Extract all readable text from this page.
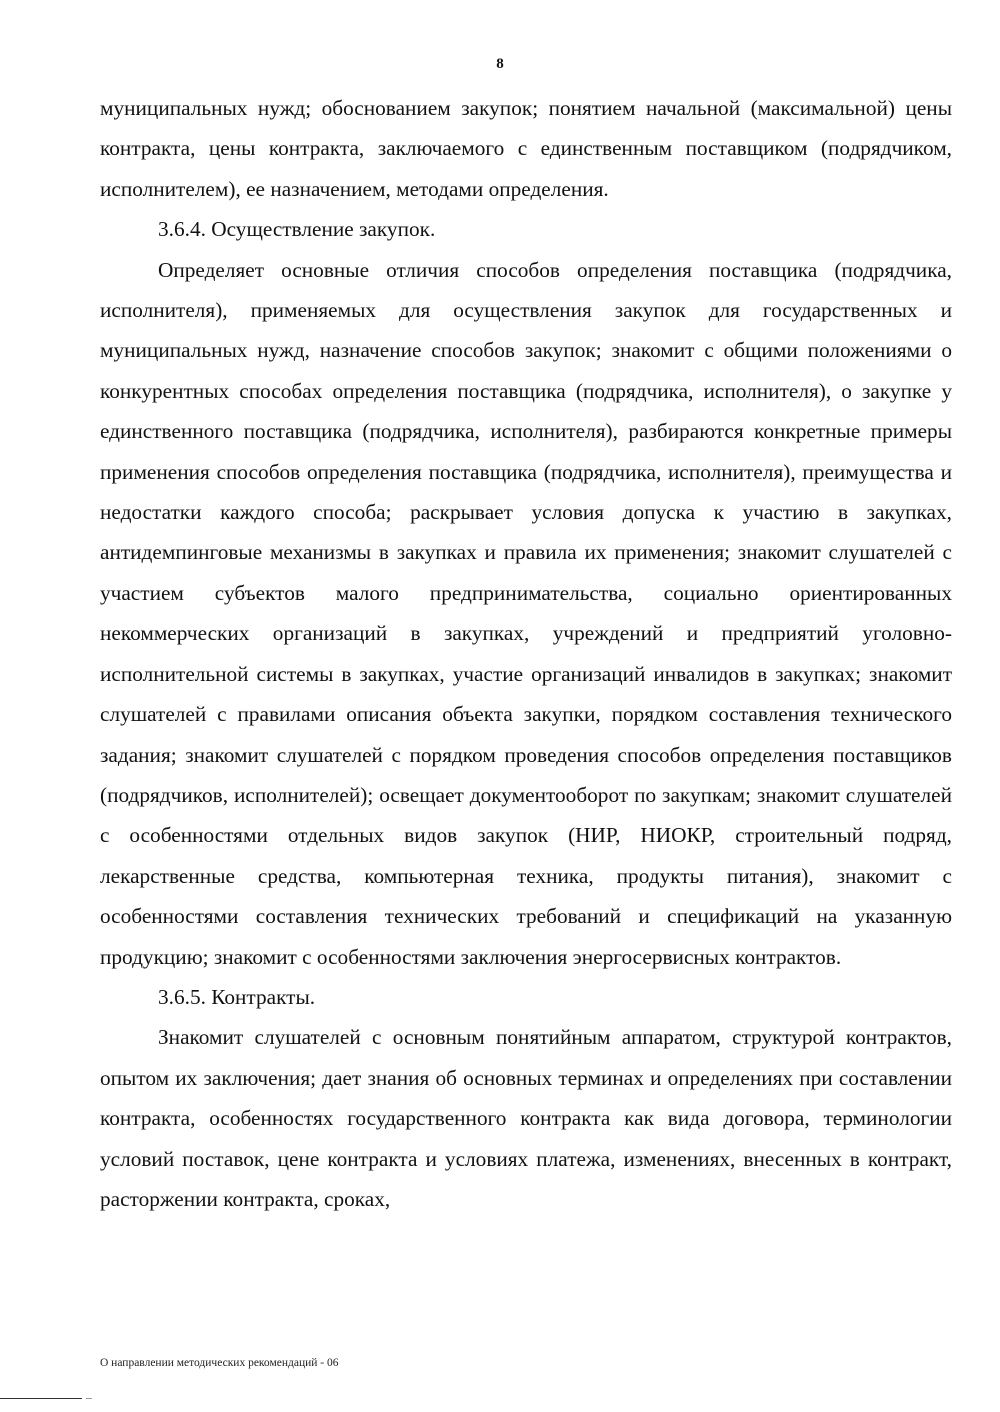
8

муниципальных нужд; обоснованием закупок; понятием начальной (максимальной) цены контракта, цены контракта, заключаемого с единственным поставщиком (подрядчиком, исполнителем), ее назначением, методами определения.

3.6.4. Осуществление закупок.

Определяет основные отличия способов определения поставщика (подрядчика, исполнителя), применяемых для осуществления закупок для государственных и муниципальных нужд, назначение способов закупок; знакомит с общими положениями о конкурентных способах определения поставщика (подрядчика, исполнителя), о закупке у единственного поставщика (подрядчика, исполнителя), разбираются конкретные примеры применения способов определения поставщика (подрядчика, исполнителя), преимущества и недостатки каждого способа; раскрывает условия допуска к участию в закупках, антидемпинговые механизмы в закупках и правила их применения; знакомит слушателей с участием субъектов малого предпринимательства, социально ориентированных некоммерческих организаций в закупках, учреждений и предприятий уголовно-исполнительной системы в закупках, участие организаций инвалидов в закупках; знакомит слушателей с правилами описания объекта закупки, порядком составления технического задания; знакомит слушателей с порядком проведения способов определения поставщиков (подрядчиков, исполнителей); освещает документооборот по закупкам; знакомит слушателей с особенностями отдельных видов закупок (НИР, НИОКР, строительный подряд, лекарственные средства, компьютерная техника, продукты питания), знакомит с особенностями составления технических требований и спецификаций на указанную продукцию; знакомит с особенностями заключения энергосервисных контрактов.

3.6.5. Контракты.

Знакомит слушателей с основным понятийным аппаратом, структурой контрактов, опытом их заключения; дает знания об основных терминах и определениях при составлении контракта, особенностях государственного контракта как вида договора, терминологии условий поставок, цене контракта и условиях платежа, изменениях, внесенных в контракт, расторжении контракта, сроках,

О направлении методических рекомендаций - 06
